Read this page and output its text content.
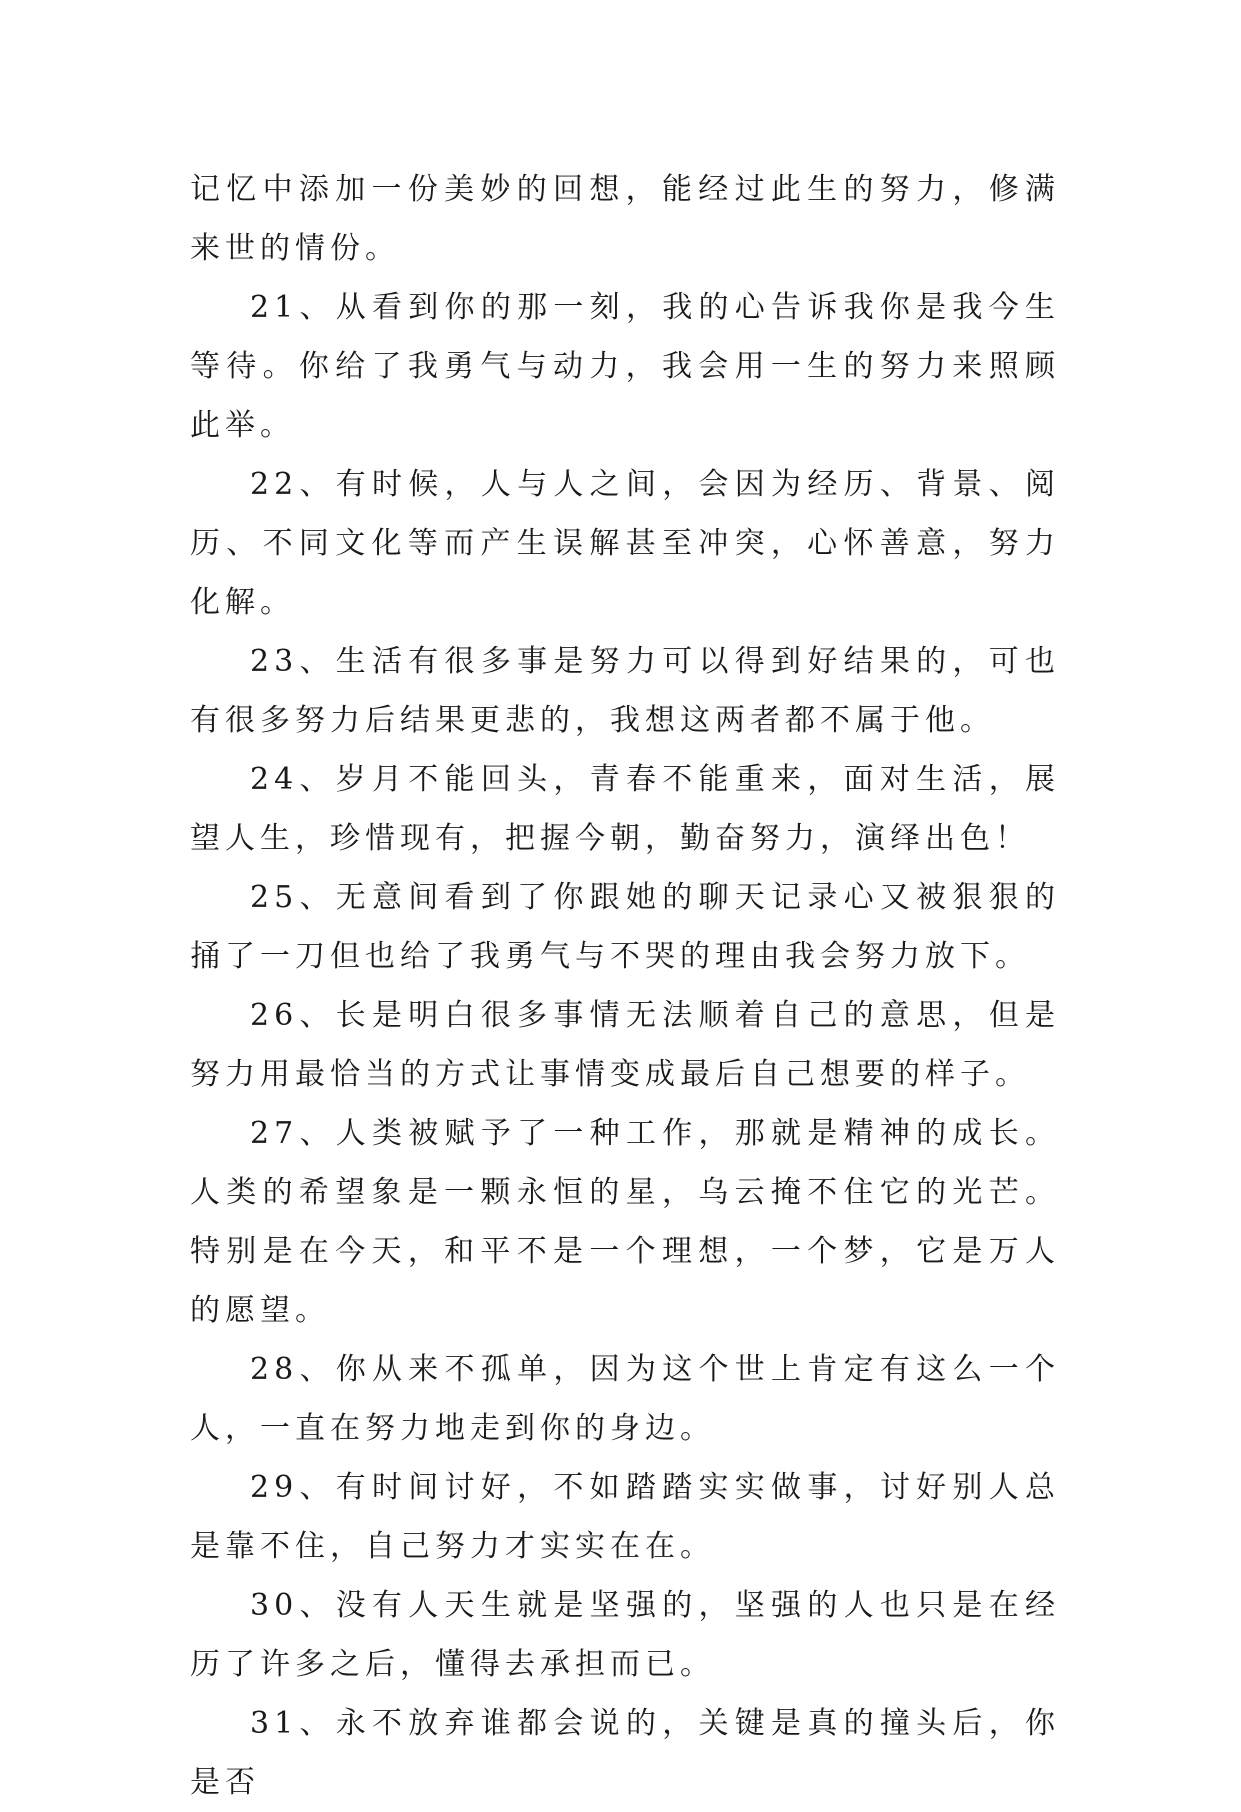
记忆中添加一份美妙的回想，能经过此生的努力，修满来世的情份。

21、从看到你的那一刻，我的心告诉我你是我今生等待。你给了我勇气与动力，我会用一生的努力来照顾此举。

22、有时候，人与人之间，会因为经历、背景、阅历、不同文化等而产生误解甚至冲突，心怀善意，努力化解。

23、生活有很多事是努力可以得到好结果的，可也有很多努力后结果更悲的，我想这两者都不属于他。

24、岁月不能回头，青春不能重来，面对生活，展望人生，珍惜现有，把握今朝，勤奋努力，演绎出色！

25、无意间看到了你跟她的聊天记录心又被狠狠的捅了一刀但也给了我勇气与不哭的理由我会努力放下。

26、长是明白很多事情无法顺着自己的意思，但是努力用最恰当的方式让事情变成最后自己想要的样子。

27、人类被赋予了一种工作，那就是精神的成长。人类的希望象是一颗永恒的星，乌云掩不住它的光芒。特别是在今天，和平不是一个理想，一个梦，它是万人的愿望。

28、你从来不孤单，因为这个世上肯定有这么一个人，一直在努力地走到你的身边。

29、有时间讨好，不如踏踏实实做事，讨好别人总是靠不住，自己努力才实实在在。

30、没有人天生就是坚强的，坚强的人也只是在经历了许多之后，懂得去承担而已。

31、永不放弃谁都会说的，关键是真的撞头后，你是否
